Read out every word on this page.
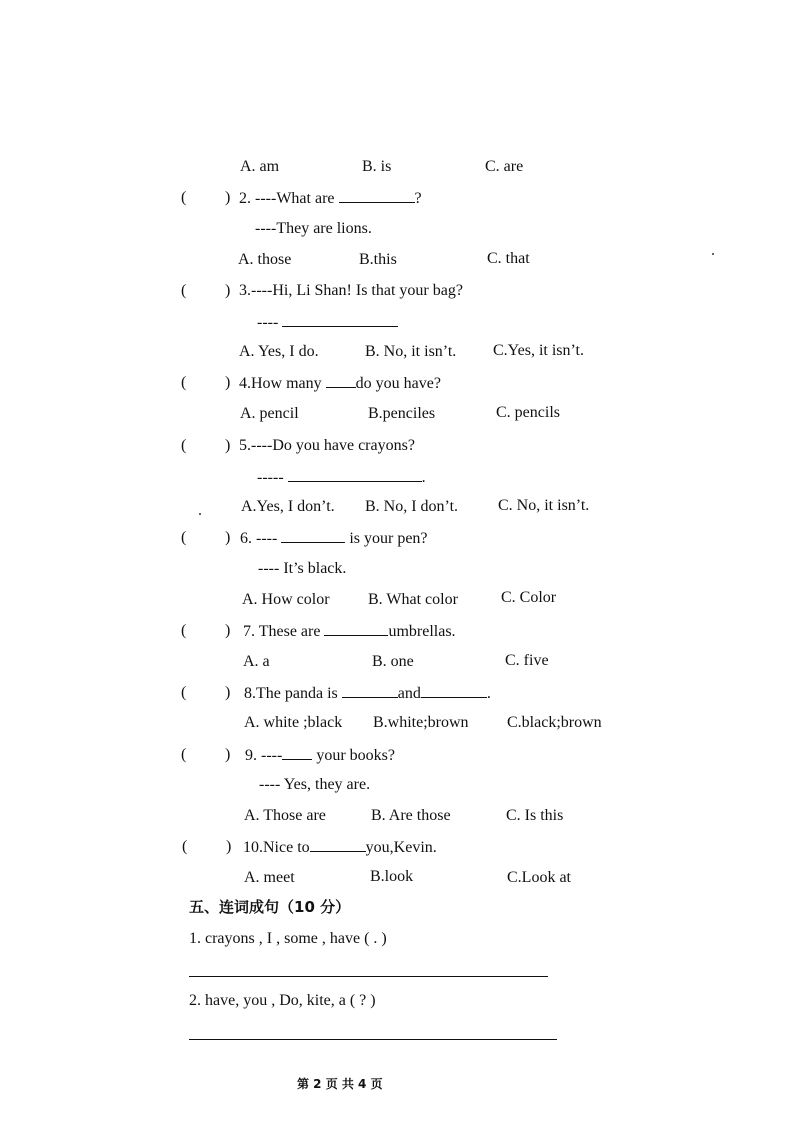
A. am	B. is	C. are
( ) 2. ----What are	?
----They are lions.
A. those	B.this	C. that
( ) 3.----Hi, Li Shan! Is that your bag?
----
A. Yes, I do.	B. No, it isn’t. C.Yes, it isn’t.
( ) 4.How many do you have?
A. pencil	B.penciles	C. pencils
( ) 5.----Do you have crayons?
-----	.
A.Yes, I don’t. B. No, I don’t. C. No, it isn’t.
( ) 6. ----	is your pen?
---- It’s black.
A. How color B. What color	C. Color
( ) 7. These are	umbrellas.
A. a	B. one	C. five
( ) 8.The panda is	and	.
A. white ;black B.white;brown C.black;brown
( ) 9. ---- your books?
---- Yes, they are.
A. Those are	B. Are those	C. Is this
( ) 10.Nice to	you,Kevin.
A. meet	B.look	C.Look at
五、连词成句（10 分）
1. crayons , I , some , have ( . )
2. have, you , Do, kite, a ( ? )
第 2 页 共 4 页
